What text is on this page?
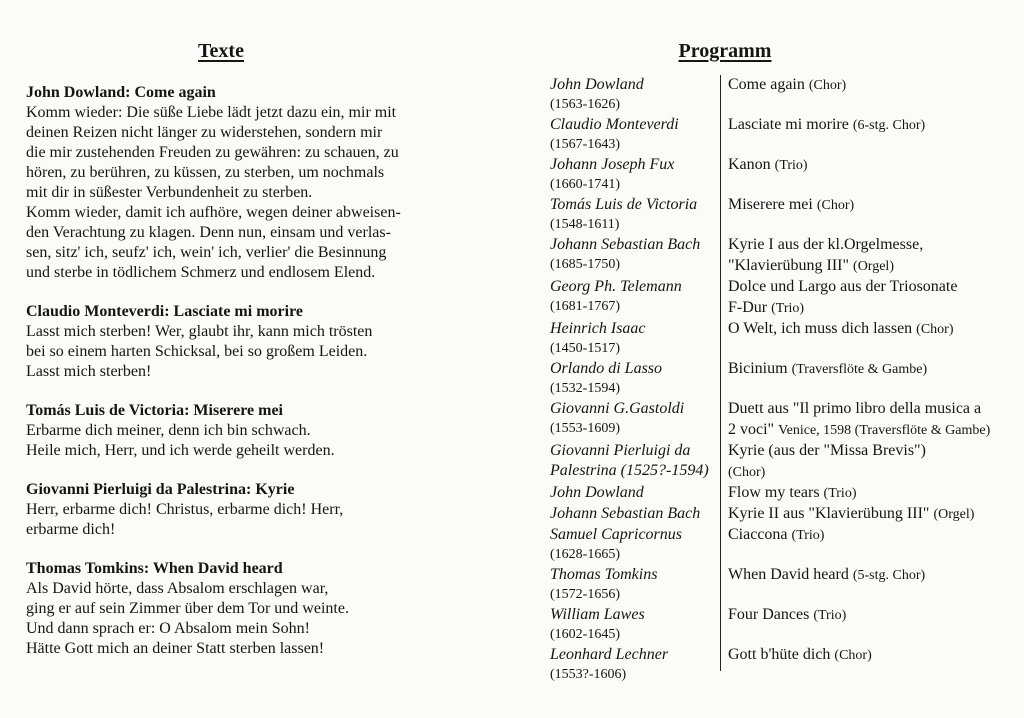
Texte
John Dowland: Come again
Komm wieder: Die süße Liebe lädt jetzt dazu ein, mir mit
deinen Reizen nicht länger zu widerstehen, sondern mir
die mir zustehenden Freuden zu gewähren: zu schauen, zu
hören, zu berühren, zu küssen, zu sterben, um nochmals
mit dir in süßester Verbundenheit zu sterben.
Komm wieder, damit ich aufhöre, wegen deiner abweisen-
den Verachtung zu klagen. Denn nun, einsam und verlas-
sen, sitz' ich, seufz' ich, wein' ich, verlier' die Besinnung
und sterbe in tödlichem Schmerz und endlosem Elend.
Claudio Monteverdi: Lasciate mi morire
Lasst mich sterben! Wer, glaubt ihr, kann mich trösten
bei so einem harten Schicksal, bei so großem Leiden.
Lasst mich sterben!
Tomás Luis de Victoria: Miserere mei
Erbarme dich meiner, denn ich bin schwach.
Heile mich, Herr, und ich werde geheilt werden.
Giovanni Pierluigi da Palestrina: Kyrie
Herr, erbarme dich! Christus, erbarme dich! Herr,
erbarme dich!
Thomas Tomkins: When David heard
Als David hörte, dass Absalom erschlagen war,
ging er auf sein Zimmer über dem Tor und weinte.
Und dann sprach er: O Absalom mein Sohn!
Hätte Gott mich an deiner Statt sterben lassen!
Programm
John Dowland
(1563-1626)
Come again (Chor)
Claudio Monteverdi
(1567-1643)
Lasciate mi morire (6-stg. Chor)
Johann Joseph Fux
(1660-1741)
Kanon (Trio)
Tomás Luis de Victoria
(1548-1611)
Miserere mei (Chor)
Johann Sebastian Bach
(1685-1750)
Kyrie I aus der kl.Orgelmesse,
"Klavierübung III" (Orgel)
Georg Ph. Telemann
(1681-1767)
Dolce und Largo aus der Triosonate
F-Dur (Trio)
Heinrich Isaac
(1450-1517)
O Welt, ich muss dich lassen (Chor)
Orlando di Lasso
(1532-1594)
Bicinium (Traversflöte & Gambe)
Giovanni G.Gastoldi
(1553-1609)
Duett aus "Il primo libro della musica a
2 voci" Venice, 1598 (Traversflöte & Gambe)
Giovanni Pierluigi da
Palestrina (1525?-1594)
Kyrie (aus der "Missa Brevis")
(Chor)
John Dowland	Flow my tears (Trio)
Johann Sebastian Bach	Kyrie II aus "Klavierübung III" (Orgel)
Samuel Capricornus
(1628-1665)
Ciaccona (Trio)
Thomas Tomkins
(1572-1656)
When David heard (5-stg. Chor)
William Lawes
(1602-1645)
Four Dances (Trio)
Leonhard Lechner
(1553?-1606)
Gott b'hüte dich (Chor)
